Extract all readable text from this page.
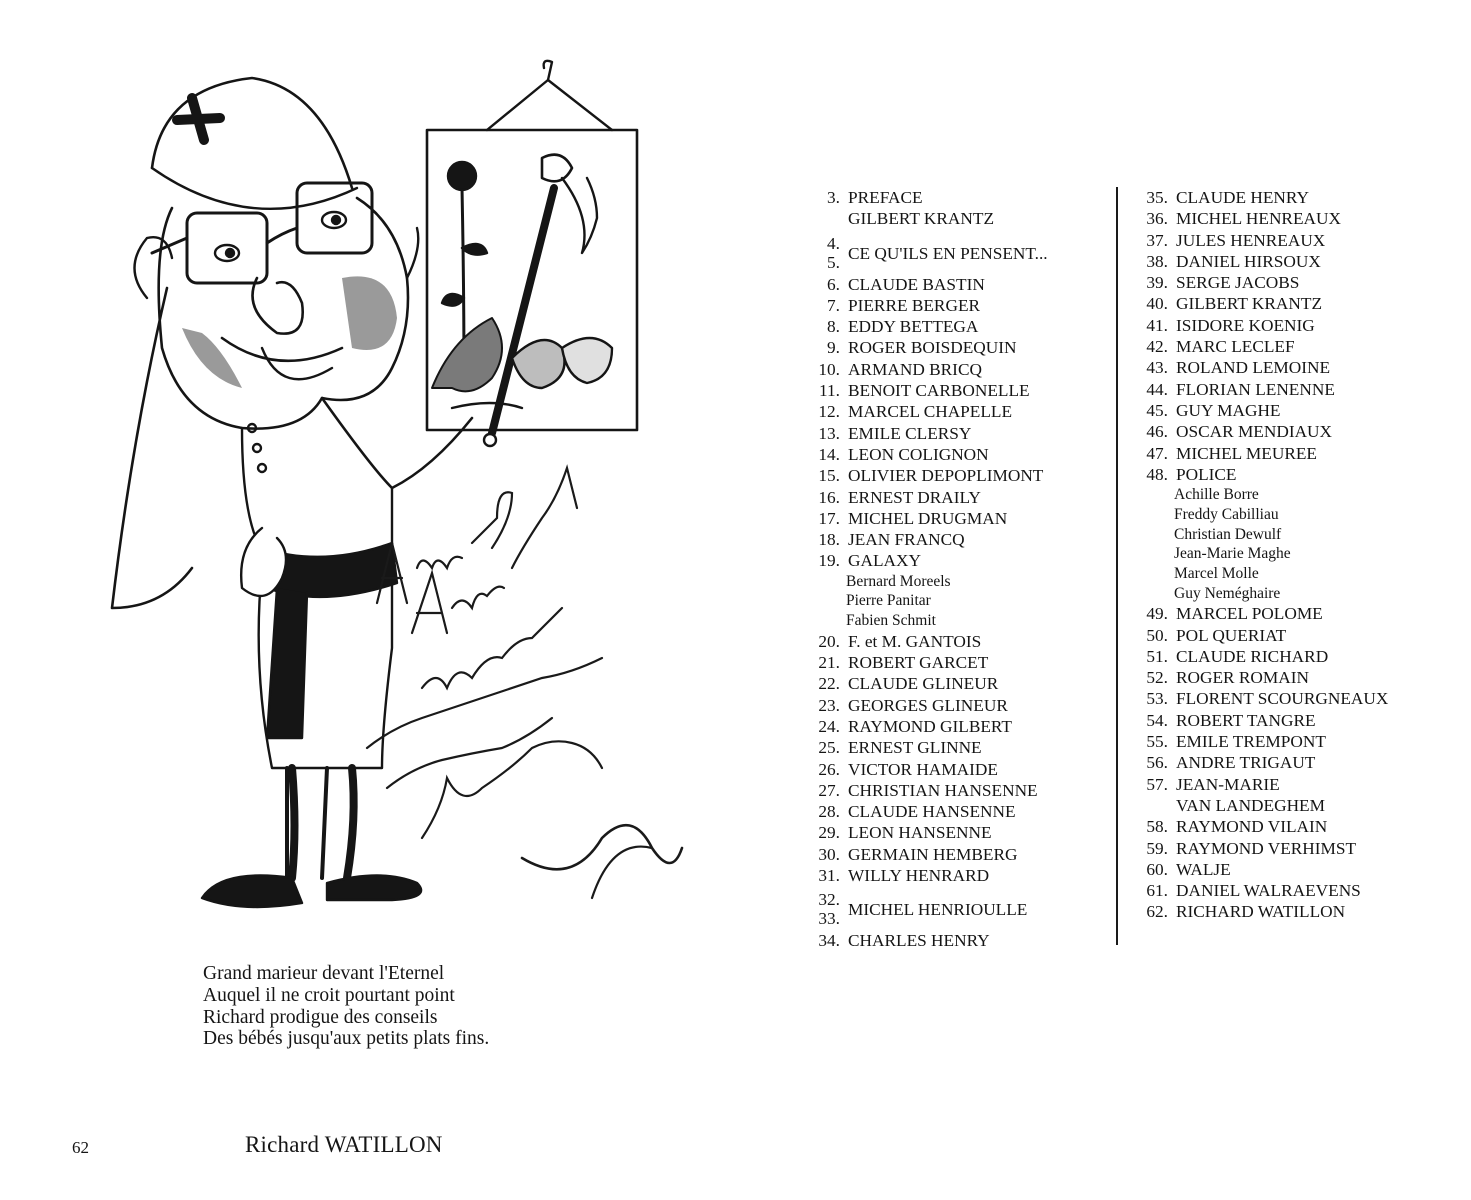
Grand marieur devant l'Eternel
Auquel il ne croit pourtant point
Richard prodigue des conseils
Des bébés jusqu'aux petits plats fins.
62	Richard WATILLON
3. PREFACE
GILBERT KRANTZ
4.
5. CE QU'ILS EN PENSENT...
6. CLAUDE BASTIN
7. PIERRE BERGER
8. EDDY BETTEGA
9. ROGER BOISDEQUIN
10. ARMAND BRICQ
11. BENOIT CARBONELLE
12. MARCEL CHAPELLE
13. EMILE CLERSY
14. LEON COLIGNON
15. OLIVIER DEPOPLIMONT
16. ERNEST DRAILY
17. MICHEL DRUGMAN
18. JEAN FRANCQ
19. GALAXY
Bernard Moreels
Pierre Panitar
Fabien Schmit
20. F. et M. GANTOIS
21. ROBERT GARCET
22. CLAUDE GLINEUR
23. GEORGES GLINEUR
24. RAYMOND GILBERT
25. ERNEST GLINNE
26. VICTOR HAMAIDE
27. CHRISTIAN HANSENNE
28. CLAUDE HANSENNE
29. LEON HANSENNE
30. GERMAIN HEMBERG
31. WILLY HENRARD
32.
33. MICHEL HENRIOULLE
34. CHARLES HENRY
35. CLAUDE HENRY
36. MICHEL HENREAUX
37. JULES HENREAUX
38. DANIEL HIRSOUX
39. SERGE JACOBS
40. GILBERT KRANTZ
41. ISIDORE KOENIG
42. MARC LECLEF
43. ROLAND LEMOINE
44. FLORIAN LENENNE
45. GUY MAGHE
46. OSCAR MENDIAUX
47. MICHEL MEUREE
48. POLICE
Achille Borre
Freddy Cabilliau
Christian Dewulf
Jean-Marie Maghe
Marcel Molle
Guy Neméghaire
49. MARCEL POLOME
50. POL QUERIAT
51. CLAUDE RICHARD
52. ROGER ROMAIN
53. FLORENT SCOURGNEAUX
54. ROBERT TANGRE
55. EMILE TREMPONT
56. ANDRE TRIGAUT
57. JEAN-MARIE
VAN LANDEGHEM
58. RAYMOND VILAIN
59. RAYMOND VERHIMST
60. WALJE
61. DANIEL WALRAEVENS
62. RICHARD WATILLON
